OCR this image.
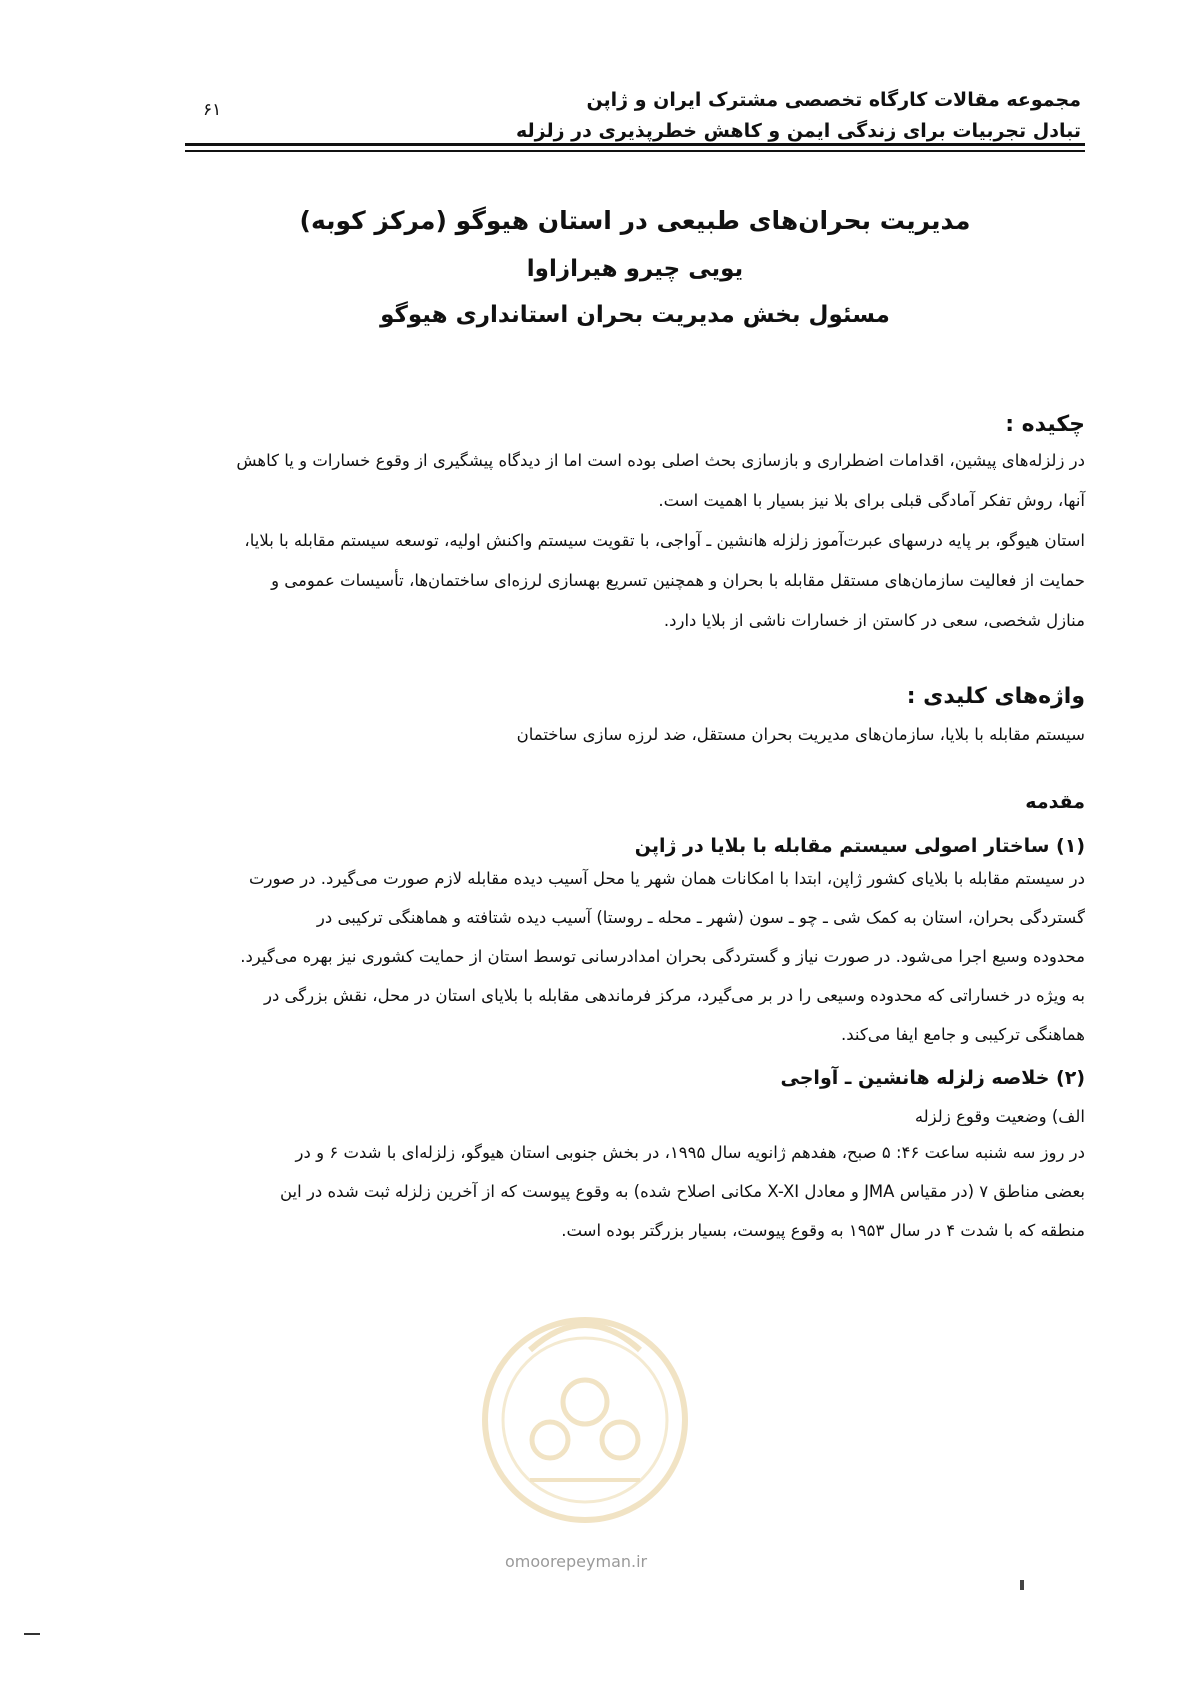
مجموعه مقالات کارگاه تخصصی مشترک ایران و ژاپن
تبادل تجربیات برای زندگی ایمن و کاهش خطرپذیری در زلزله
۶۱
مدیریت بحران‌های طبیعی در استان هیوگو (مرکز کوبه)
یویی چیرو هیرازاوا
مسئول بخش مدیریت بحران استانداری هیوگو
چکیده :

در زلزله‌های پیشین، اقدامات اضطراری و بازسازی بحث اصلی بوده است اما از دیدگاه پیشگیری از وقوع خسارات و یا کاهش

آنها، روش تفکر آمادگی قبلی برای بلا نیز بسیار با اهمیت است.

استان هیوگو، بر پایه درسهای عبرت‌آموز زلزله هانشین ـ آواجی، با تقویت سیستم واکنش اولیه، توسعه سیستم مقابله با بلایا،

حمایت از فعالیت سازمان‌های مستقل مقابله با بحران و همچنین تسریع بهسازی لرزه‌ای ساختمان‌ها، تأسیسات عمومی و

منازل شخصی، سعی در کاستن از خسارات ناشی از بلایا دارد.

واژه‌های کلیدی :

سیستم مقابله با بلایا، سازمان‌های مدیریت بحران مستقل، ضد لرزه سازی ساختمان

مقدمه
(۱) ساختار اصولی سیستم مقابله با بلایا در ژاپن

در سیستم مقابله با بلایای کشور ژاپن، ابتدا با امکانات همان شهر یا محل آسیب دیده مقابله لازم صورت می‌گیرد. در صورت

گستردگی بحران، استان به کمک شی ـ چو ـ سون (شهر ـ محله ـ روستا) آسیب دیده شتافته و هماهنگی ترکیبی در

محدوده وسیع اجرا می‌شود. در صورت نیاز و گستردگی بحران امدادرسانی توسط استان از حمایت کشوری نیز بهره می‌گیرد.

به ویژه در خساراتی که محدوده وسیعی را در بر می‌گیرد، مرکز فرماندهی مقابله با بلایای استان در محل، نقش بزرگی در

هماهنگی ترکیبی و جامع ایفا می‌کند.

(۲) خلاصه زلزله هانشین ـ آواجی

الف) وضعیت وقوع زلزله

در روز سه شنبه ساعت ۴۶: ۵ صبح، هفدهم ژانویه سال ۱۹۹۵، در بخش جنوبی استان هیوگو، زلزله‌ای با شدت ۶ و در

بعضی مناطق ۷ (در مقیاس JMA و معادل X-XI مکانی اصلاح شده) به وقوع پیوست که از آخرین زلزله ثبت شده در این

منطقه که با شدت ۴ در سال ۱۹۵۳ به وقوع پیوست، بسیار بزرگتر بوده است.

omoorepeyman.ir
